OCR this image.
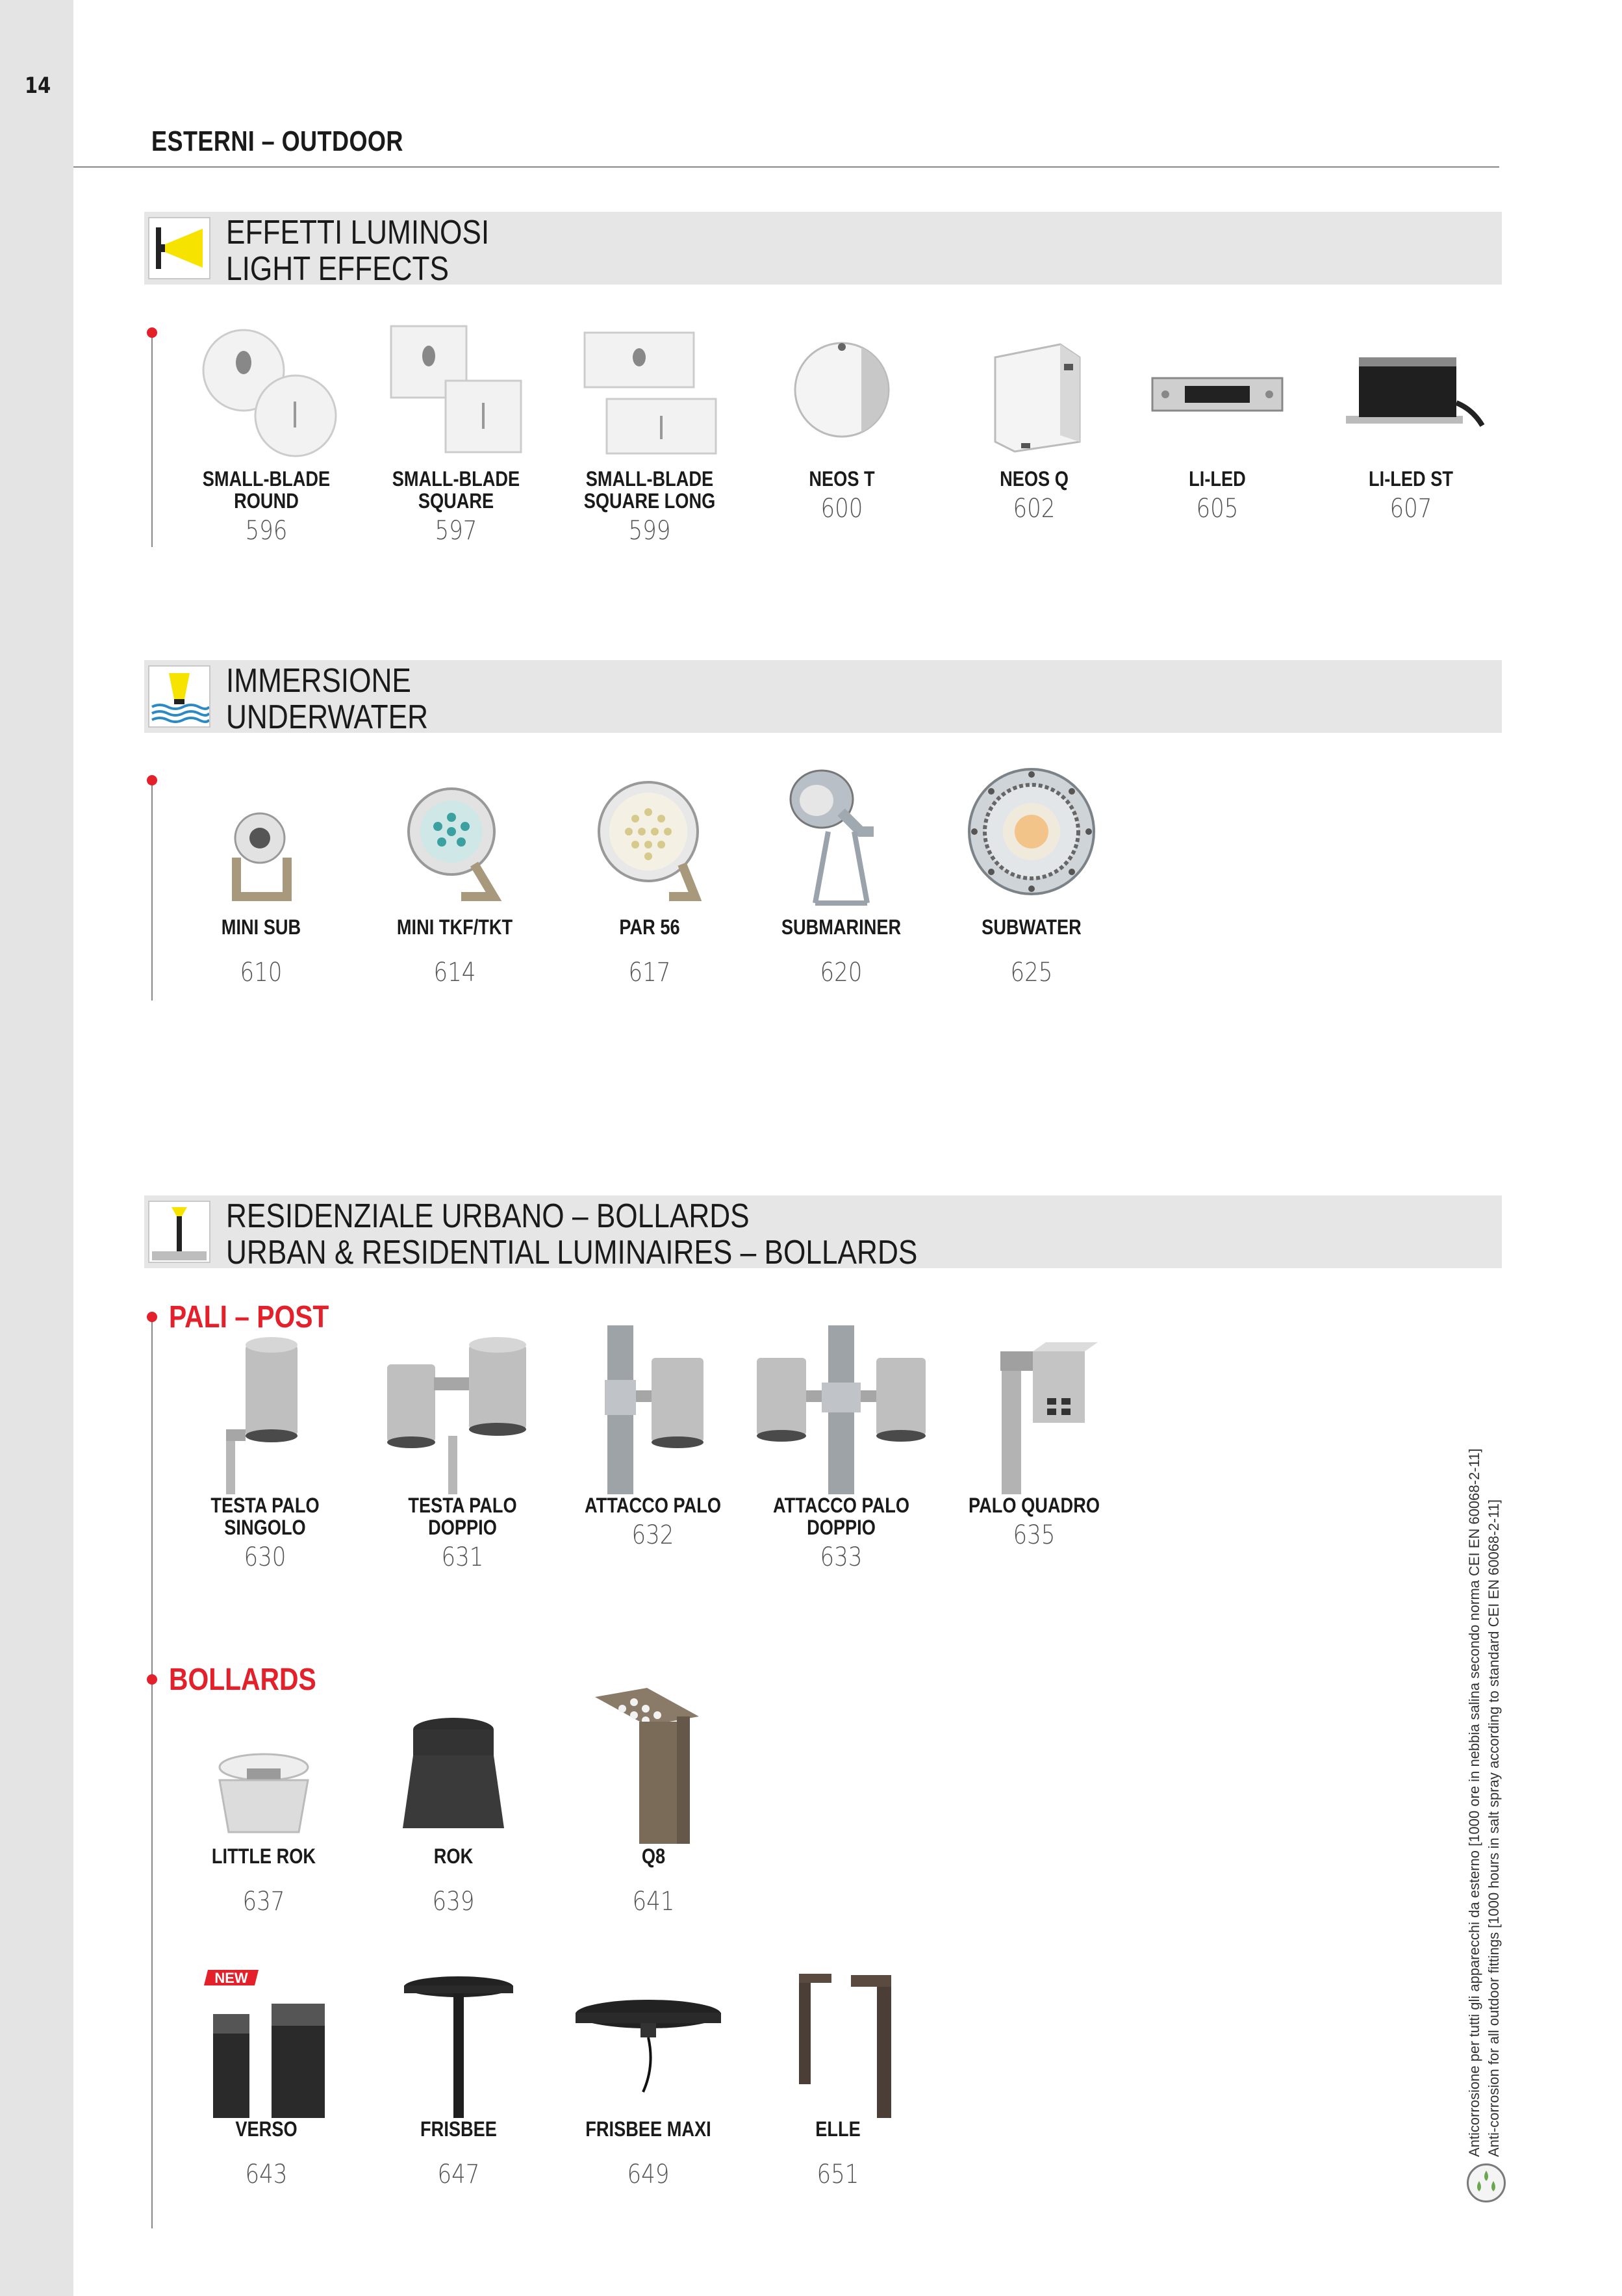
14
ESTERNI – OUTDOOR
EFFETTI LUMINOSI
LIGHT EFFECTS
SMALL-BLADE
ROUND
596
SMALL-BLADE
SQUARE
597
SMALL-BLADE
SQUARE LONG
599
NEOS T
600
NEOS Q
602
LI-LED
605
LI-LED ST
607
IMMERSIONE
UNDERWATER
MINI SUB
610
MINI TKF/TKT
614
PAR 56
617
SUBMARINER
620
SUBWATER
625
RESIDENZIALE URBANO – BOLLARDS
URBAN & RESIDENTIAL LUMINAIRES – BOLLARDS
PALI – POST
TESTA PALO
SINGOLO
630
TESTA PALO
DOPPIO
631
ATTACCO PALO
632
ATTACCO PALO
DOPPIO
633
PALO QUADRO
635
BOLLARDS
LITTLE ROK
637
ROK
639
Q8
641
NEW
VERSO
643
FRISBEE
647
FRISBEE MAXI
649
ELLE
651
Anticorrosione per tutti gli apparecchi da esterno [1000 ore in nebbia salina secondo norma CEI EN 60068-2-11] Anti-corrosion for all outdoor fittings [1000 hours in salt spray according to standard CEI EN 60068-2-11]
